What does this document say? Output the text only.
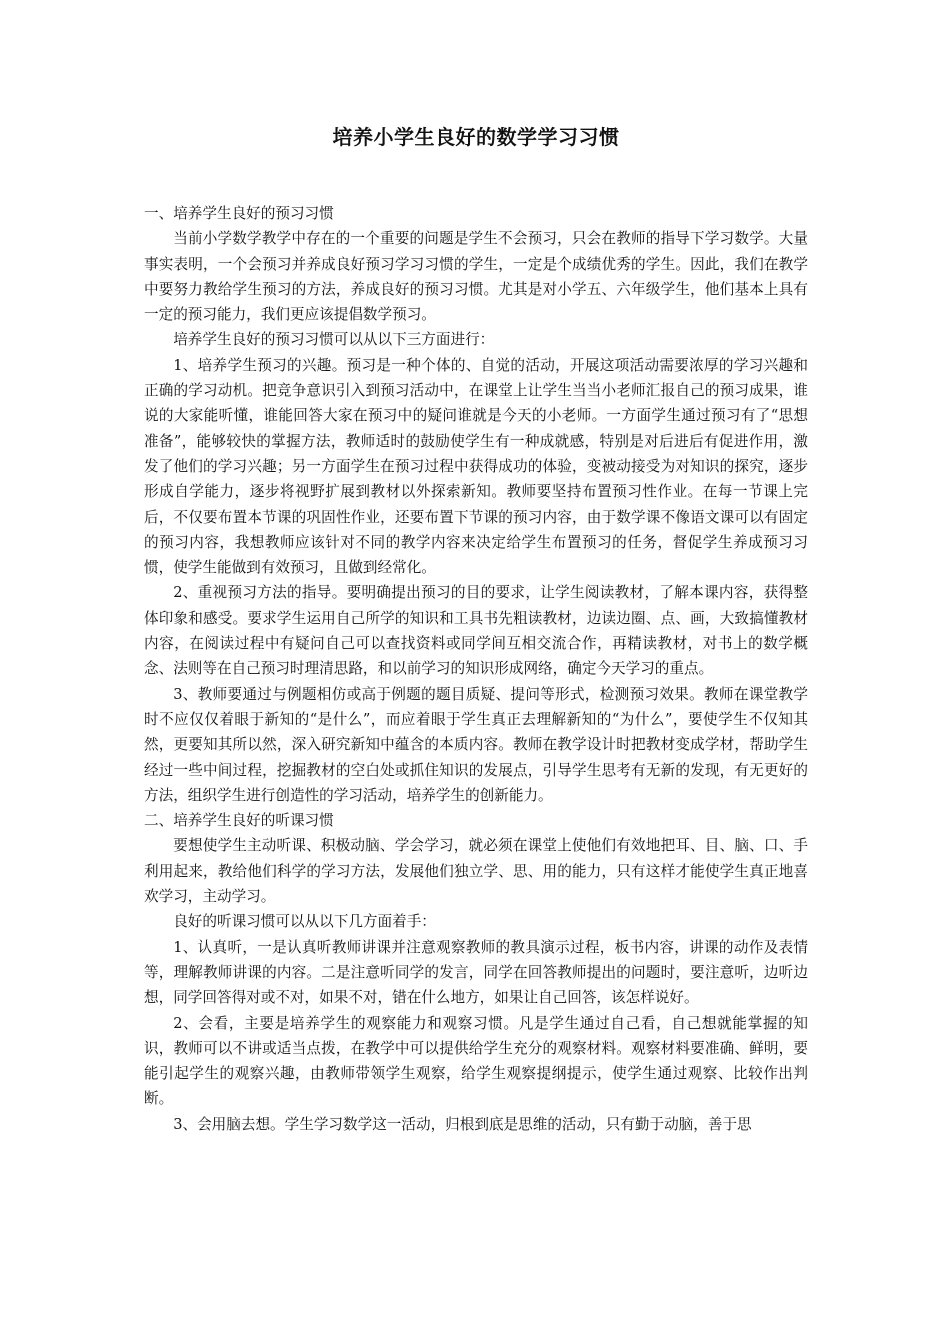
培养小学生良好的数学学习习惯

一、培养学生良好的预习习惯

当前小学数学教学中存在的一个重要的问题是学生不会预习，只会在教师的指导下学习数学。大量事实表明，一个会预习并养成良好预习学习习惯的学生，一定是个成绩优秀的学生。因此，我们在教学中要努力教给学生预习的方法，养成良好的预习习惯。尤其是对小学五、六年级学生，他们基本上具有一定的预习能力，我们更应该提倡数学预习。

培养学生良好的预习习惯可以从以下三方面进行：

1、培养学生预习的兴趣。预习是一种个体的、自觉的活动，开展这项活动需要浓厚的学习兴趣和正确的学习动机。把竞争意识引入到预习活动中，在课堂上让学生当当小老师汇报自己的预习成果，谁说的大家能听懂，谁能回答大家在预习中的疑问谁就是今天的小老师。一方面学生通过预习有了“思想准备”，能够较快的掌握方法，教师适时的鼓励使学生有一种成就感，特别是对后进后有促进作用，激发了他们的学习兴趣；另一方面学生在预习过程中获得成功的体验，变被动接受为对知识的探究，逐步形成自学能力，逐步将视野扩展到教材以外探索新知。教师要坚持布置预习性作业。在每一节课上完后，不仅要布置本节课的巩固性作业，还要布置下节课的预习内容，由于数学课不像语文课可以有固定的预习内容，我想教师应该针对不同的教学内容来决定给学生布置预习的任务，督促学生养成预习习惯，使学生能做到有效预习，且做到经常化。

2、重视预习方法的指导。要明确提出预习的目的要求，让学生阅读教材，了解本课内容，获得整体印象和感受。要求学生运用自己所学的知识和工具书先粗读教材，边读边圈、点、画，大致搞懂教材内容，在阅读过程中有疑问自己可以查找资料或同学间互相交流合作，再精读教材，对书上的数学概念、法则等在自己预习时理清思路，和以前学习的知识形成网络，确定今天学习的重点。

3、教师要通过与例题相仿或高于例题的题目质疑、提问等形式，检测预习效果。教师在课堂教学时不应仅仅着眼于新知的“是什么”，而应着眼于学生真正去理解新知的“为什么”，要使学生不仅知其然，更要知其所以然，深入研究新知中蕴含的本质内容。教师在教学设计时把教材变成学材，帮助学生经过一些中间过程，挖掘教材的空白处或抓住知识的发展点，引导学生思考有无新的发现，有无更好的方法，组织学生进行创造性的学习活动，培养学生的创新能力。

二、培养学生良好的听课习惯

要想使学生主动听课、积极动脑、学会学习，就必须在课堂上使他们有效地把耳、目、脑、口、手利用起来，教给他们科学的学习方法，发展他们独立学、思、用的能力，只有这样才能使学生真正地喜欢学习，主动学习。

良好的听课习惯可以从以下几方面着手：

1、认真听，一是认真听教师讲课并注意观察教师的教具演示过程，板书内容，讲课的动作及表情等，理解教师讲课的内容。二是注意听同学的发言，同学在回答教师提出的问题时，要注意听，边听边想，同学回答得对或不对，如果不对，错在什么地方，如果让自己回答，该怎样说好。

2、会看，主要是培养学生的观察能力和观察习惯。凡是学生通过自己看，自己想就能掌握的知识，教师可以不讲或适当点拨，在教学中可以提供给学生充分的观察材料。观察材料要准确、鲜明，要能引起学生的观察兴趣，由教师带领学生观察，给学生观察提纲提示，使学生通过观察、比较作出判断。

3、会用脑去想。学生学习数学这一活动，归根到底是思维的活动，只有勤于动脑，善于思
